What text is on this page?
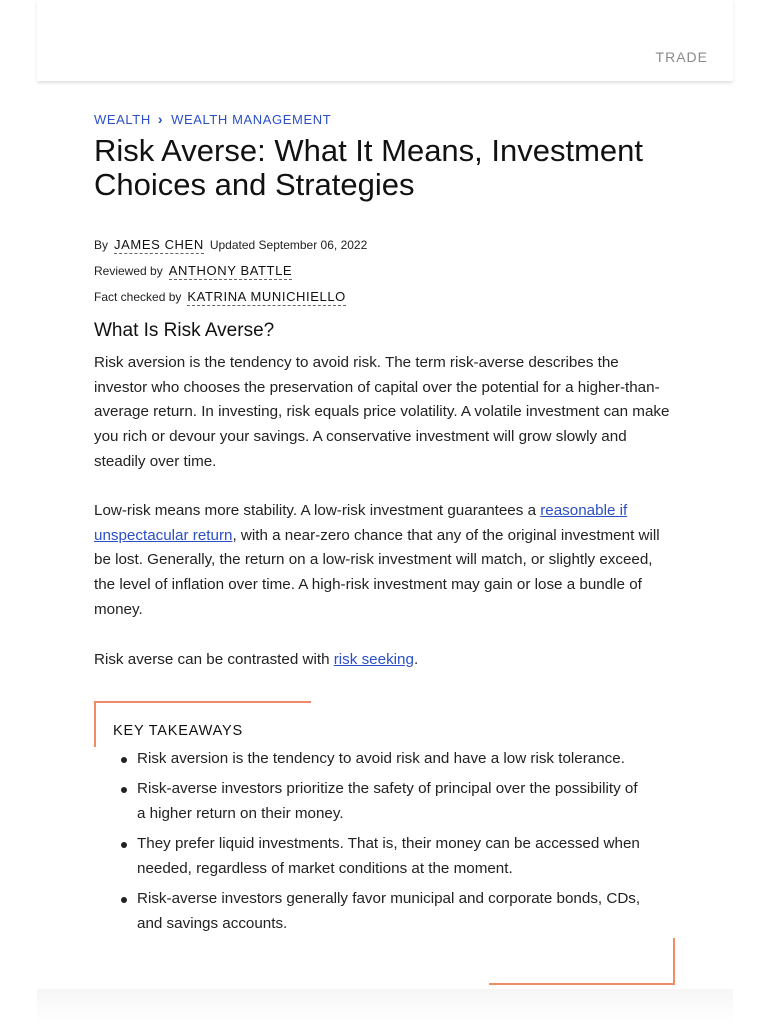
TRADE
WEALTH › WEALTH MANAGEMENT
Risk Averse: What It Means, Investment Choices and Strategies
By JAMES CHEN Updated September 06, 2022
Reviewed by ANTHONY BATTLE
Fact checked by KATRINA MUNICHIELLO
What Is Risk Averse?

Risk aversion is the tendency to avoid risk. The term risk-averse describes the investor who chooses the preservation of capital over the potential for a higher-than-average return. In investing, risk equals price volatility. A volatile investment can make you rich or devour your savings. A conservative investment will grow slowly and steadily over time.

Low-risk means more stability. A low-risk investment guarantees a reasonable if unspectacular return, with a near-zero chance that any of the original investment will be lost. Generally, the return on a low-risk investment will match, or slightly exceed, the level of inflation over time. A high-risk investment may gain or lose a bundle of money.

Risk averse can be contrasted with risk seeking.

KEY TAKEAWAYS
Risk aversion is the tendency to avoid risk and have a low risk tolerance.
Risk-averse investors prioritize the safety of principal over the possibility of a higher return on their money.
They prefer liquid investments. That is, their money can be accessed when needed, regardless of market conditions at the moment.
Risk-averse investors generally favor municipal and corporate bonds, CDs, and savings accounts.
